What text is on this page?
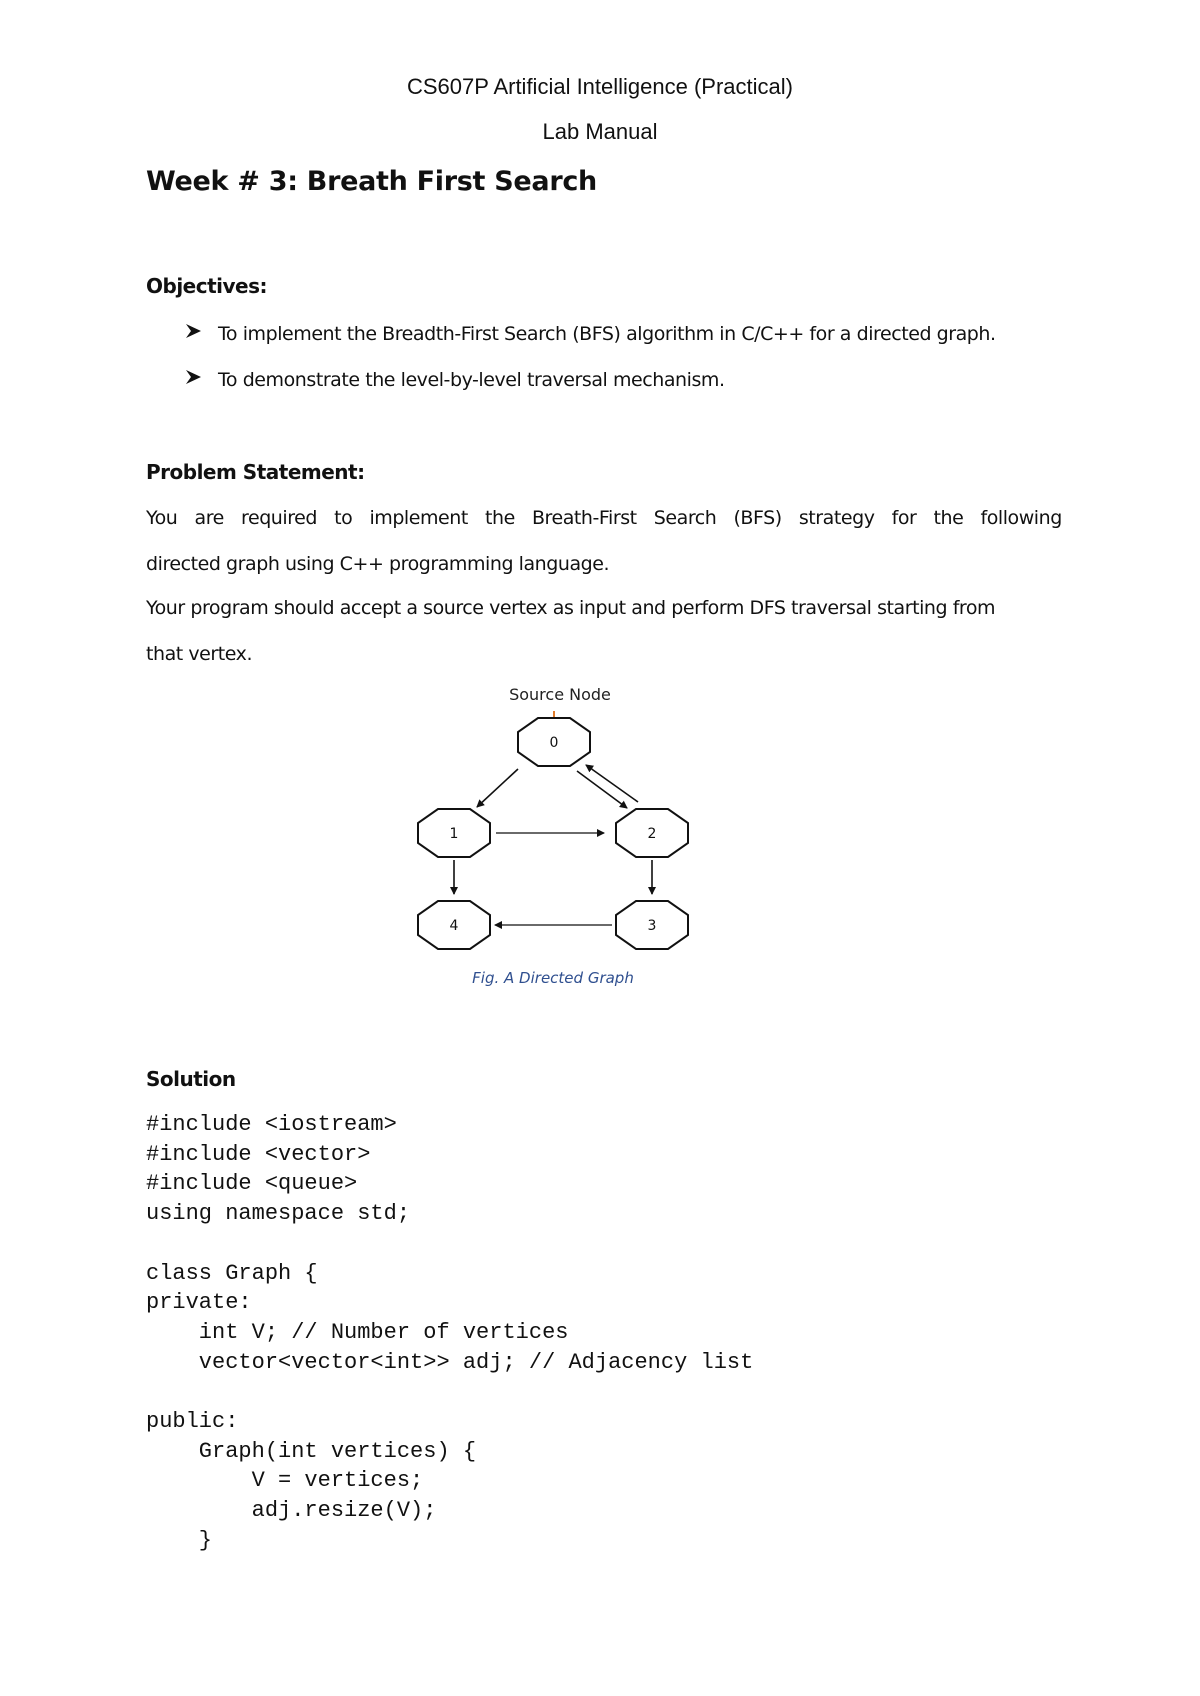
CS607P Artificial Intelligence (Practical)
Lab Manual
Week # 3: Breath First Search
Objectives:
To implement the Breadth-First Search (BFS) algorithm in C/C++ for a directed graph.
To demonstrate the level-by-level traversal mechanism.
Problem Statement:
You are required to implement the Breath-First Search (BFS) strategy for the following
directed graph using C++ programming language.
Your program should accept a source vertex as input and perform DFS traversal starting from
that vertex.
Source Node
0
1	2
3
4
Fig. A Directed Graph
Solution
#include <iostream>
#include <vector>
#include <queue>
using namespace std;

class Graph {
private:
int V; // Number of vertices
vector<vector<int>> adj; // Adjacency list

public:
Graph(int vertices) {
V = vertices;
adj.resize(V);
}
